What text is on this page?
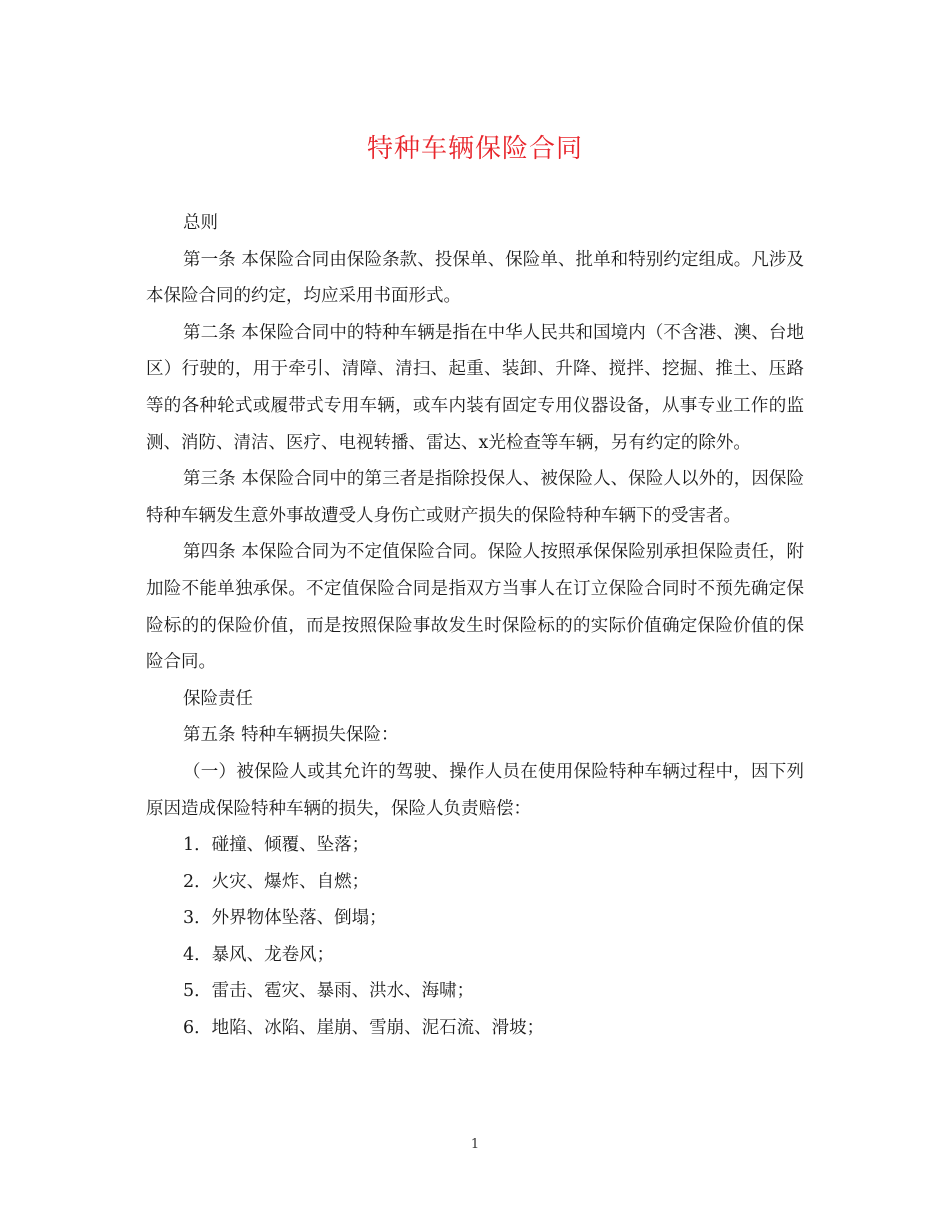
特种车辆保险合同

总则

第一条 本保险合同由保险条款、投保单、保险单、批单和特别约定组成。凡涉及本保险合同的约定，均应采用书面形式。

第二条 本保险合同中的特种车辆是指在中华人民共和国境内（不含港、澳、台地区）行驶的，用于牵引、清障、清扫、起重、装卸、升降、搅拌、挖掘、推土、压路等的各种轮式或履带式专用车辆，或车内装有固定专用仪器设备，从事专业工作的监测、消防、清洁、医疗、电视转播、雷达、x光检查等车辆，另有约定的除外。

第三条 本保险合同中的第三者是指除投保人、被保险人、保险人以外的，因保险特种车辆发生意外事故遭受人身伤亡或财产损失的保险特种车辆下的受害者。

第四条 本保险合同为不定值保险合同。保险人按照承保保险别承担保险责任，附加险不能单独承保。不定值保险合同是指双方当事人在订立保险合同时不预先确定保险标的的保险价值，而是按照保险事故发生时保险标的的实际价值确定保险价值的保险合同。

保险责任

第五条 特种车辆损失保险：

（一）被保险人或其允许的驾驶、操作人员在使用保险特种车辆过程中，因下列原因造成保险特种车辆的损失，保险人负责赔偿：

1．碰撞、倾覆、坠落；

2．火灾、爆炸、自燃；

3．外界物体坠落、倒塌；

4．暴风、龙卷风；

5．雷击、雹灾、暴雨、洪水、海啸；

6．地陷、冰陷、崖崩、雪崩、泥石流、滑坡；

1
